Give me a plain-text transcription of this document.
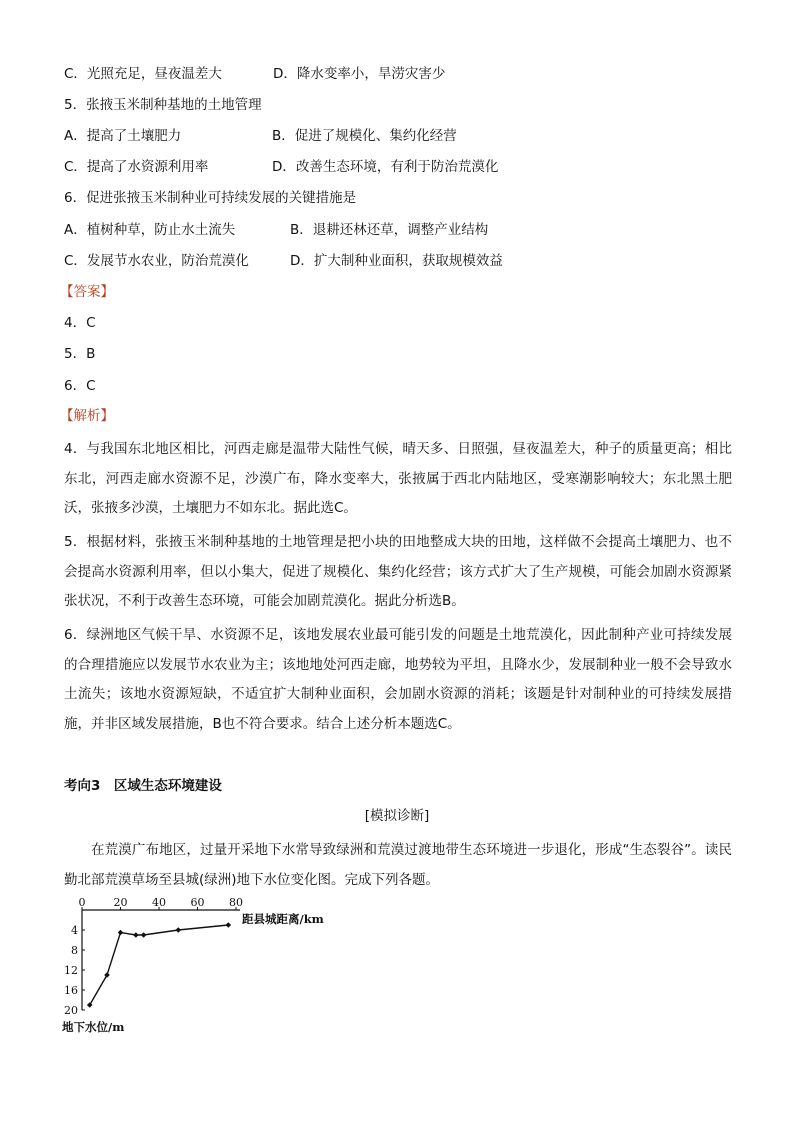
C．光照充足，昼夜温差大	D．降水变率小，旱涝灾害少
5．张掖玉米制种基地的土地管理
A．提高了土壤肥力	B．促进了规模化、集约化经营
C．提高了水资源利用率	D．改善生态环境，有利于防治荒漠化
6．促进张掖玉米制种业可持续发展的关键措施是
A．植树种草，防止水土流失	B．退耕还林还草，调整产业结构
C．发展节水农业，防治荒漠化	D．扩大制种业面积，获取规模效益
【答案】
4．C
5．B
6．C
【解析】
4．与我国东北地区相比，河西走廊是温带大陆性气候，晴天多、日照强，昼夜温差大，种子的质量更高；相比东北，河西走廊水资源不足，沙漠广布，降水变率大，张掖属于西北内陆地区，受寒潮影响较大；东北黑土肥沃，张掖多沙漠，土壤肥力不如东北。据此选C。
5．根据材料，张掖玉米制种基地的土地管理是把小块的田地整成大块的田地，这样做不会提高土壤肥力、也不会提高水资源利用率，但以小集大，促进了规模化、集约化经营；该方式扩大了生产规模，可能会加剧水资源紧张状况，不利于改善生态环境，可能会加剧荒漠化。据此分析选B。
6．绿洲地区气候干旱、水资源不足，该地发展农业最可能引发的问题是土地荒漠化，因此制种产业可持续发展的合理措施应以发展节水农业为主；该地地处河西走廊，地势较为平坦，且降水少，发展制种业一般不会导致水土流失；该地水资源短缺，不适宜扩大制种业面积，会加剧水资源的消耗；该题是针对制种业的可持续发展措施，并非区域发展措施，B也不符合要求。结合上述分析本题选C。
考向3　区域生态环境建设
[模拟诊断]
在荒漠广布地区，过量开采地下水常导致绿洲和荒漠过渡地带生态环境进一步退化，形成“生态裂谷”。读民勤北部荒漠草场至县城(绿洲)地下水位变化图。完成下列各题。
0	20 40 60 80
4
8
12
16
20
距县城距离/km
地下水位/m
